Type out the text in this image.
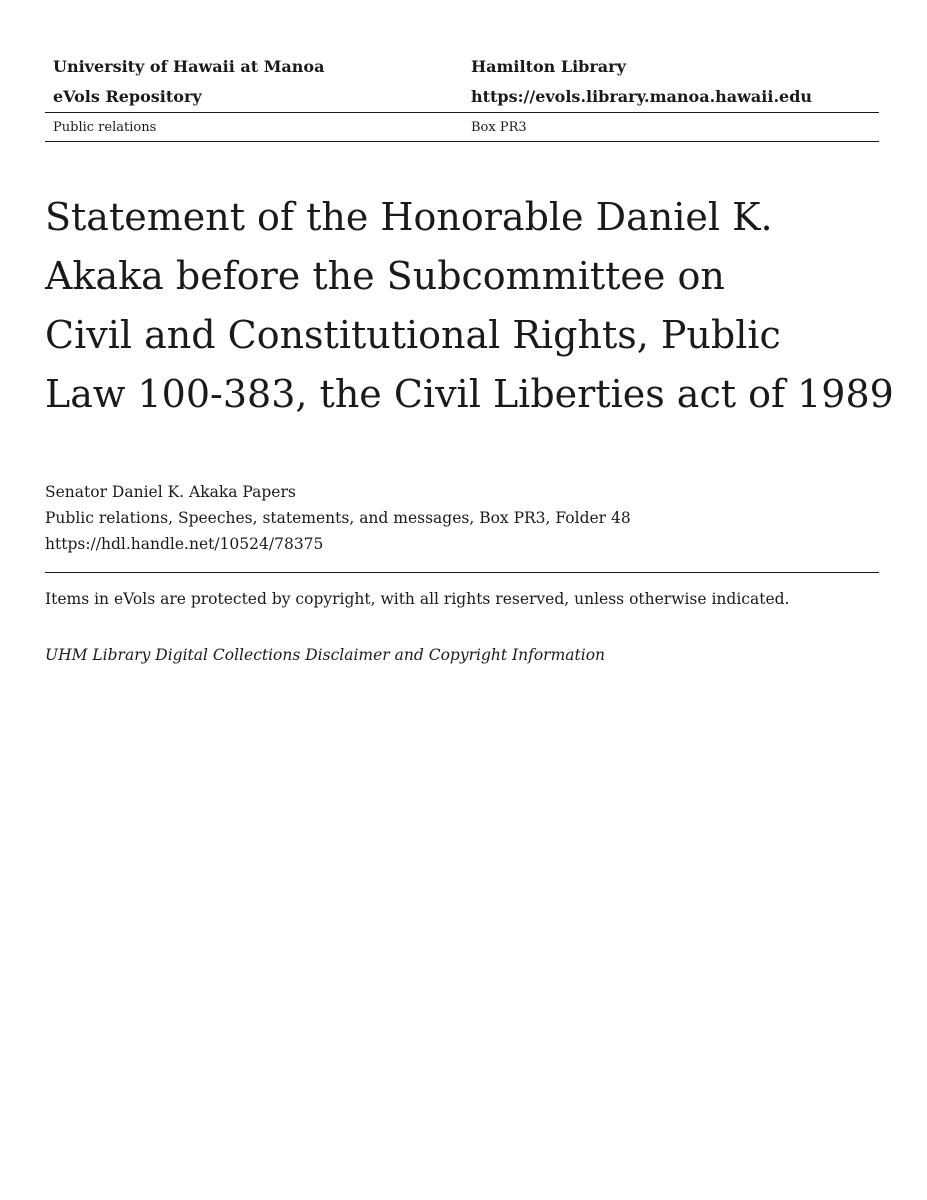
University of Hawaii at Manoa	Hamilton Library
eVols Repository	https://evols.library.manoa.hawaii.edu
Public relations	Box PR3
Statement of the Honorable Daniel K.
Akaka before the Subcommittee on
Civil and Constitutional Rights, Public
Law 100-383, the Civil Liberties act of 1989
Senator Daniel K. Akaka Papers
Public relations, Speeches, statements, and messages, Box PR3, Folder 48
https://hdl.handle.net/10524/78375
Items in eVols are protected by copyright, with all rights reserved, unless otherwise indicated.
UHM Library Digital Collections Disclaimer and Copyright Information
